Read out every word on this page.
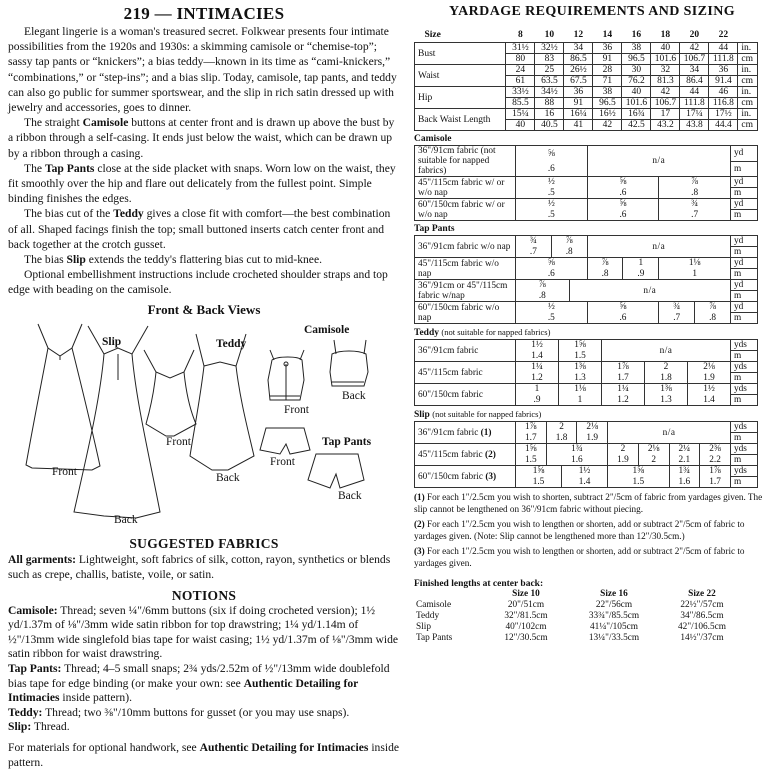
219 — INTIMACIES

Elegant lingerie is a woman's treasured secret. Folkwear presents four intimate possibilities from the 1920s and 1930s: a skimming camisole or “chemise-top”; sassy tap pants or “knickers”; a bias teddy—known in its time as “cami-knickers,” “combinations,” or “step-ins”; and a bias slip. Today, camisole, tap pants, and teddy can also go public for summer sportswear, and the slip in rich satin dressed up with jewelry and accessories, goes to dinner.

The straight Camisole buttons at center front and is drawn up above the bust by a ribbon through a self-casing. It ends just below the waist, which can be drawn up by a ribbon through a casing.

The Tap Pants close at the side placket with snaps. Worn low on the waist, they fit smoothly over the hip and flare out delicately from the fullest point. Simple binding finishes the edges.

The bias cut of the Teddy gives a close fit with comfort—the best combination of all. Shaped facings finish the top; small buttoned inserts catch center front and back together at the crotch gusset.

The bias Slip extends the teddy's flattering bias cut to mid-knee.

Optional embellishment instructions include crocheted shoulder straps and top edge with beading on the camisole.

Front & Back Views
Slip	Teddy
Camisole
Tap Pants
Front
Back
Front
Back
Front
Back
Front
Back
SUGGESTED FABRICS

All garments: Lightweight, soft fabrics of silk, cotton, rayon, synthetics or blends such as crepe, challis, batiste, voile, or satin.

NOTIONS

Camisole: Thread; seven ¼"/6mm buttons (six if doing crocheted version); 1½ yd/1.37m of ⅛"/3mm wide satin ribbon for top drawstring; 1¼ yd/1.14m of ½"/13mm wide singlefold bias tape for waist casing; 1½ yd/1.37m of ⅛"/3mm wide satin ribbon for waist drawstring.

Tap Pants: Thread; 4–5 small snaps; 2¾ yds/2.52m of ½"/13mm wide doublefold bias tape for edge binding (or make your own: see Authentic Detailing for Intimacies inside pattern).

Teddy: Thread; two ⅜"/10mm buttons for gusset (or you may use snaps).

Slip: Thread.

For materials for optional handwork, see Authentic Detailing for Intimacies inside pattern.

YARDAGE REQUIREMENTS AND SIZING
Size	8	10	12	14	16	18	20	22	
Bust	31½	32½	34	36	38	40	42	44	in.
	80	83	86.5	91	96.5	101.6	106.7	111.8	cm
Waist	24	25	26½	28	30	32	34	36	in.
	61	63.5	67.5	71	76.2	81.3	86.4	91.4	cm
Hip	33½	34½	36	38	40	42	44	46	in.
	85.5	88	91	96.5	101.6	106.7	111.8	116.8	cm
Back Waist Length	15¼	16	16¼	16½	16¾	17	17¼	17½	in.
	40	40.5	41	42	42.5	43.2	43.8	44.4	cm
Camisole
36"/91cm fabric (not suitable for napped fabrics)	⅝	n/a		yd
	.6			m
45"/115cm fabric w/ or w/o nap	½	⅝	⅞	yd
	.5	.6	.8	m
60"/150cm fabric w/ or w/o nap	½	⅝	¾	yd
	.5	.6	.7	m
Tap Pants
36"/91cm fabric w/o nap	¾	⅞		n/a				yd
	.7	.8						m
45"/115cm fabric w/o nap	⅝			⅞	1	1⅛		yd
	.6			.8	.9	1		m
36"/91cm or 45"/115cm fabric w/nap	⅞		n/a					yd
	.8							m
60"/150cm fabric w/o nap	½			⅝		¾	⅞	yd
	.5			.6		.7	.8	m
Teddy (not suitable for napped fabrics)
36"/91cm fabric	1½	1⅝	n/a			yds
	1.4	1.5				m
45"/115cm fabric	1¼	1⅜	1⅞	2	2⅛	yds
	1.2	1.3	1.7	1.8	1.9	m
60"/150cm fabric	1	1⅛	1¼	1⅜	1½	yds
	.9	1	1.2	1.3	1.4	m
Slip (not suitable for napped fabrics)
36"/91cm fabric (1)	1⅞	2		2⅛	n/a				yds
	1.7	1.8		1.9					m
45"/115cm fabric (2)	1⅝	1¾			2	2⅛	2¼	2⅜	yds
	1.5	1.6			1.9	2	2.1	2.2	m
60"/150cm fabric (3)	1⅝		1½		1⅝		1¾	1⅞	yds
	1.5		1.4		1.5		1.6	1.7	m

(1) For each 1"/2.5cm you wish to shorten, subtract 2"/5cm of fabric from yardages given. The slip cannot be lengthened on 36"/91cm fabric without piecing.

(2) For each 1"/2.5cm you wish to lengthen or shorten, add or subtract 2"/5cm of fabric to yardages given. (Note: Slip cannot be lengthened more than 12"/30.5cm.)

(3) For each 1"/2.5cm you wish to lengthen or shorten, add or subtract 2"/5cm of fabric to yardages given.

Finished lengths at center back:
	Size 10	Size 16	Size 22
Camisole	20"/51cm	22"/56cm	22½"/57cm
Teddy	32"/81.5cm	33¾"/85.5cm	34"/86.5cm
Slip	40"/102cm	41¼"/105cm	42"/106.5cm
Tap Pants	12"/30.5cm	13¼"/33.5cm	14½"/37cm
